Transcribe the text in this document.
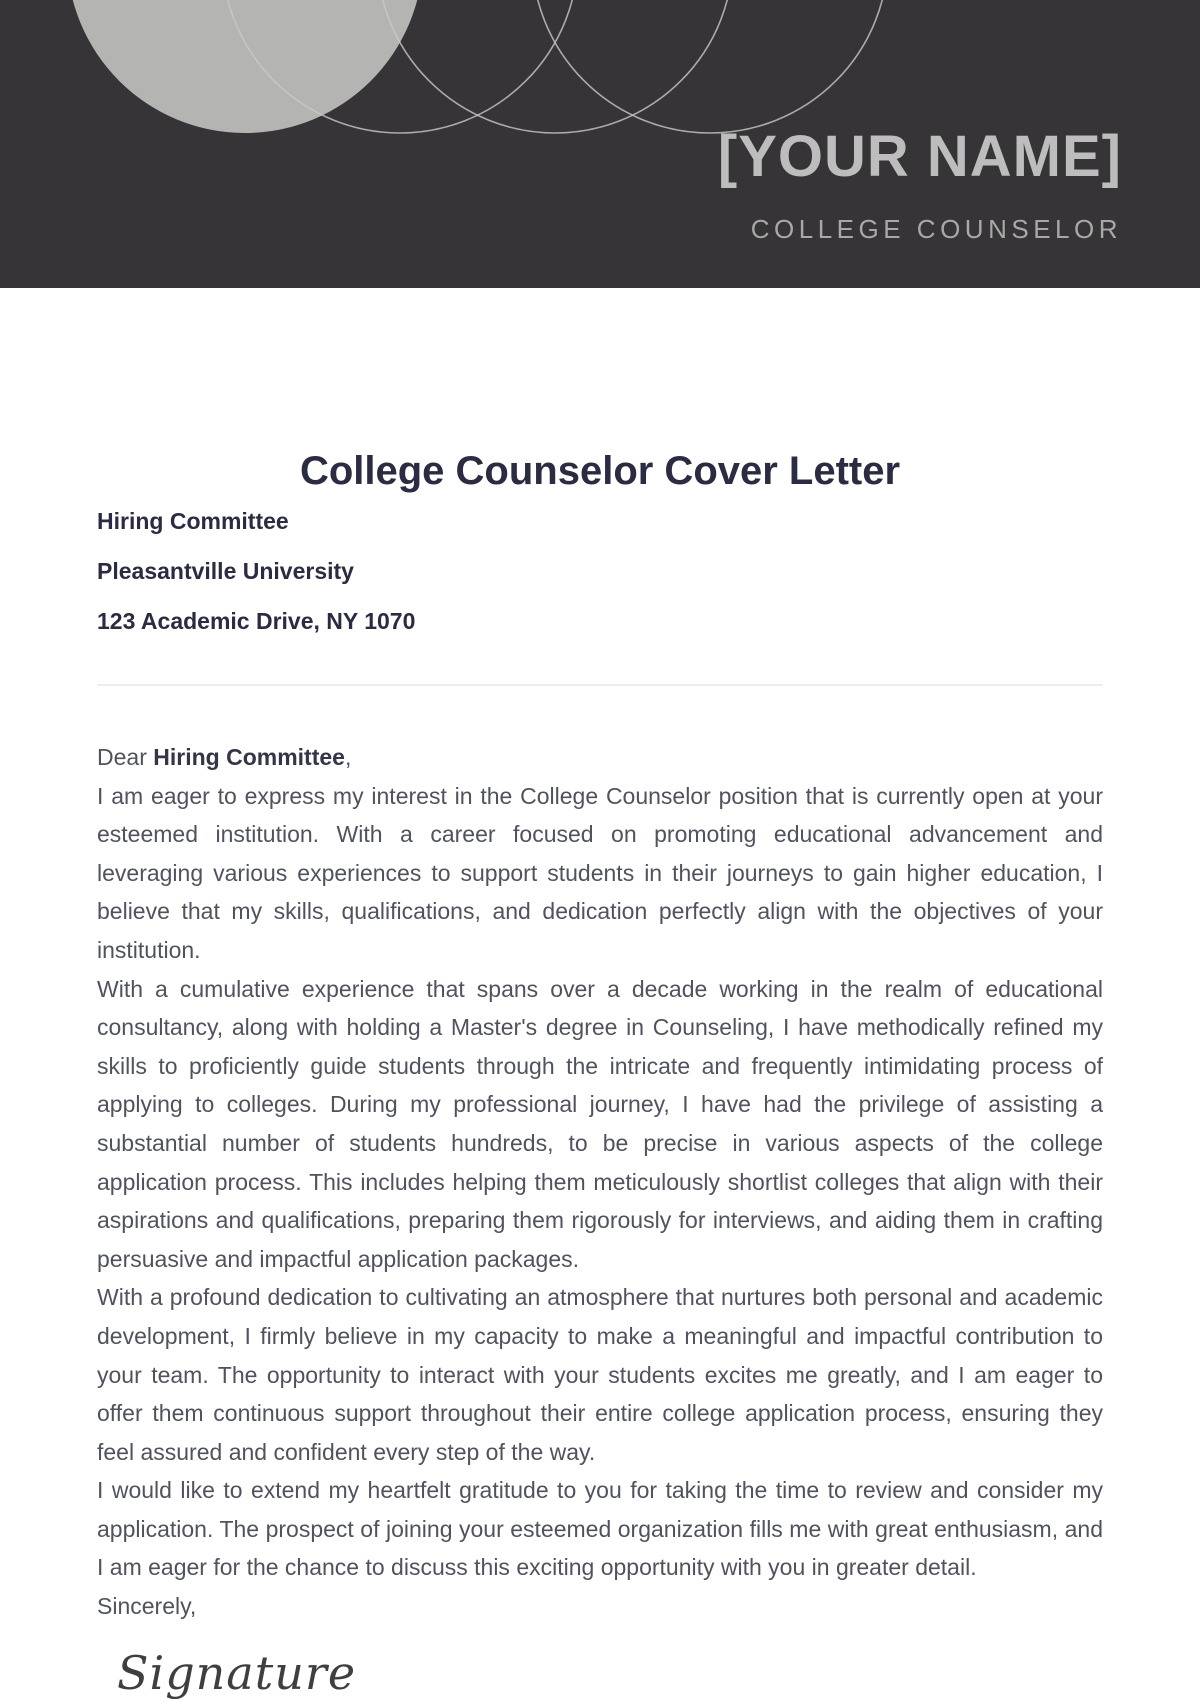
[YOUR NAME]
COLLEGE COUNSELOR
College Counselor Cover Letter

Hiring Committee

Pleasantville University

123 Academic Drive, NY 1070

Dear Hiring Committee,

I am eager to express my interest in the College Counselor position that is currently open at your esteemed institution. With a career focused on promoting educational advancement and leveraging various experiences to support students in their journeys to gain higher education, I believe that my skills, qualifications, and dedication perfectly align with the objectives of your institution.

With a cumulative experience that spans over a decade working in the realm of educational consultancy, along with holding a Master's degree in Counseling, I have methodically refined my skills to proficiently guide students through the intricate and frequently intimidating process of applying to colleges. During my professional journey, I have had the privilege of assisting a substantial number of students hundreds, to be precise in various aspects of the college application process. This includes helping them meticulously shortlist colleges that align with their aspirations and qualifications, preparing them rigorously for interviews, and aiding them in crafting persuasive and impactful application packages.

With a profound dedication to cultivating an atmosphere that nurtures both personal and academic development, I firmly believe in my capacity to make a meaningful and impactful contribution to your team. The opportunity to interact with your students excites me greatly, and I am eager to offer them continuous support throughout their entire college application process, ensuring they feel assured and confident every step of the way.

I would like to extend my heartfelt gratitude to you for taking the time to review and consider my application. The prospect of joining your esteemed organization fills me with great enthusiasm, and I am eager for the chance to discuss this exciting opportunity with you in greater detail.

Sincerely,

Signature
